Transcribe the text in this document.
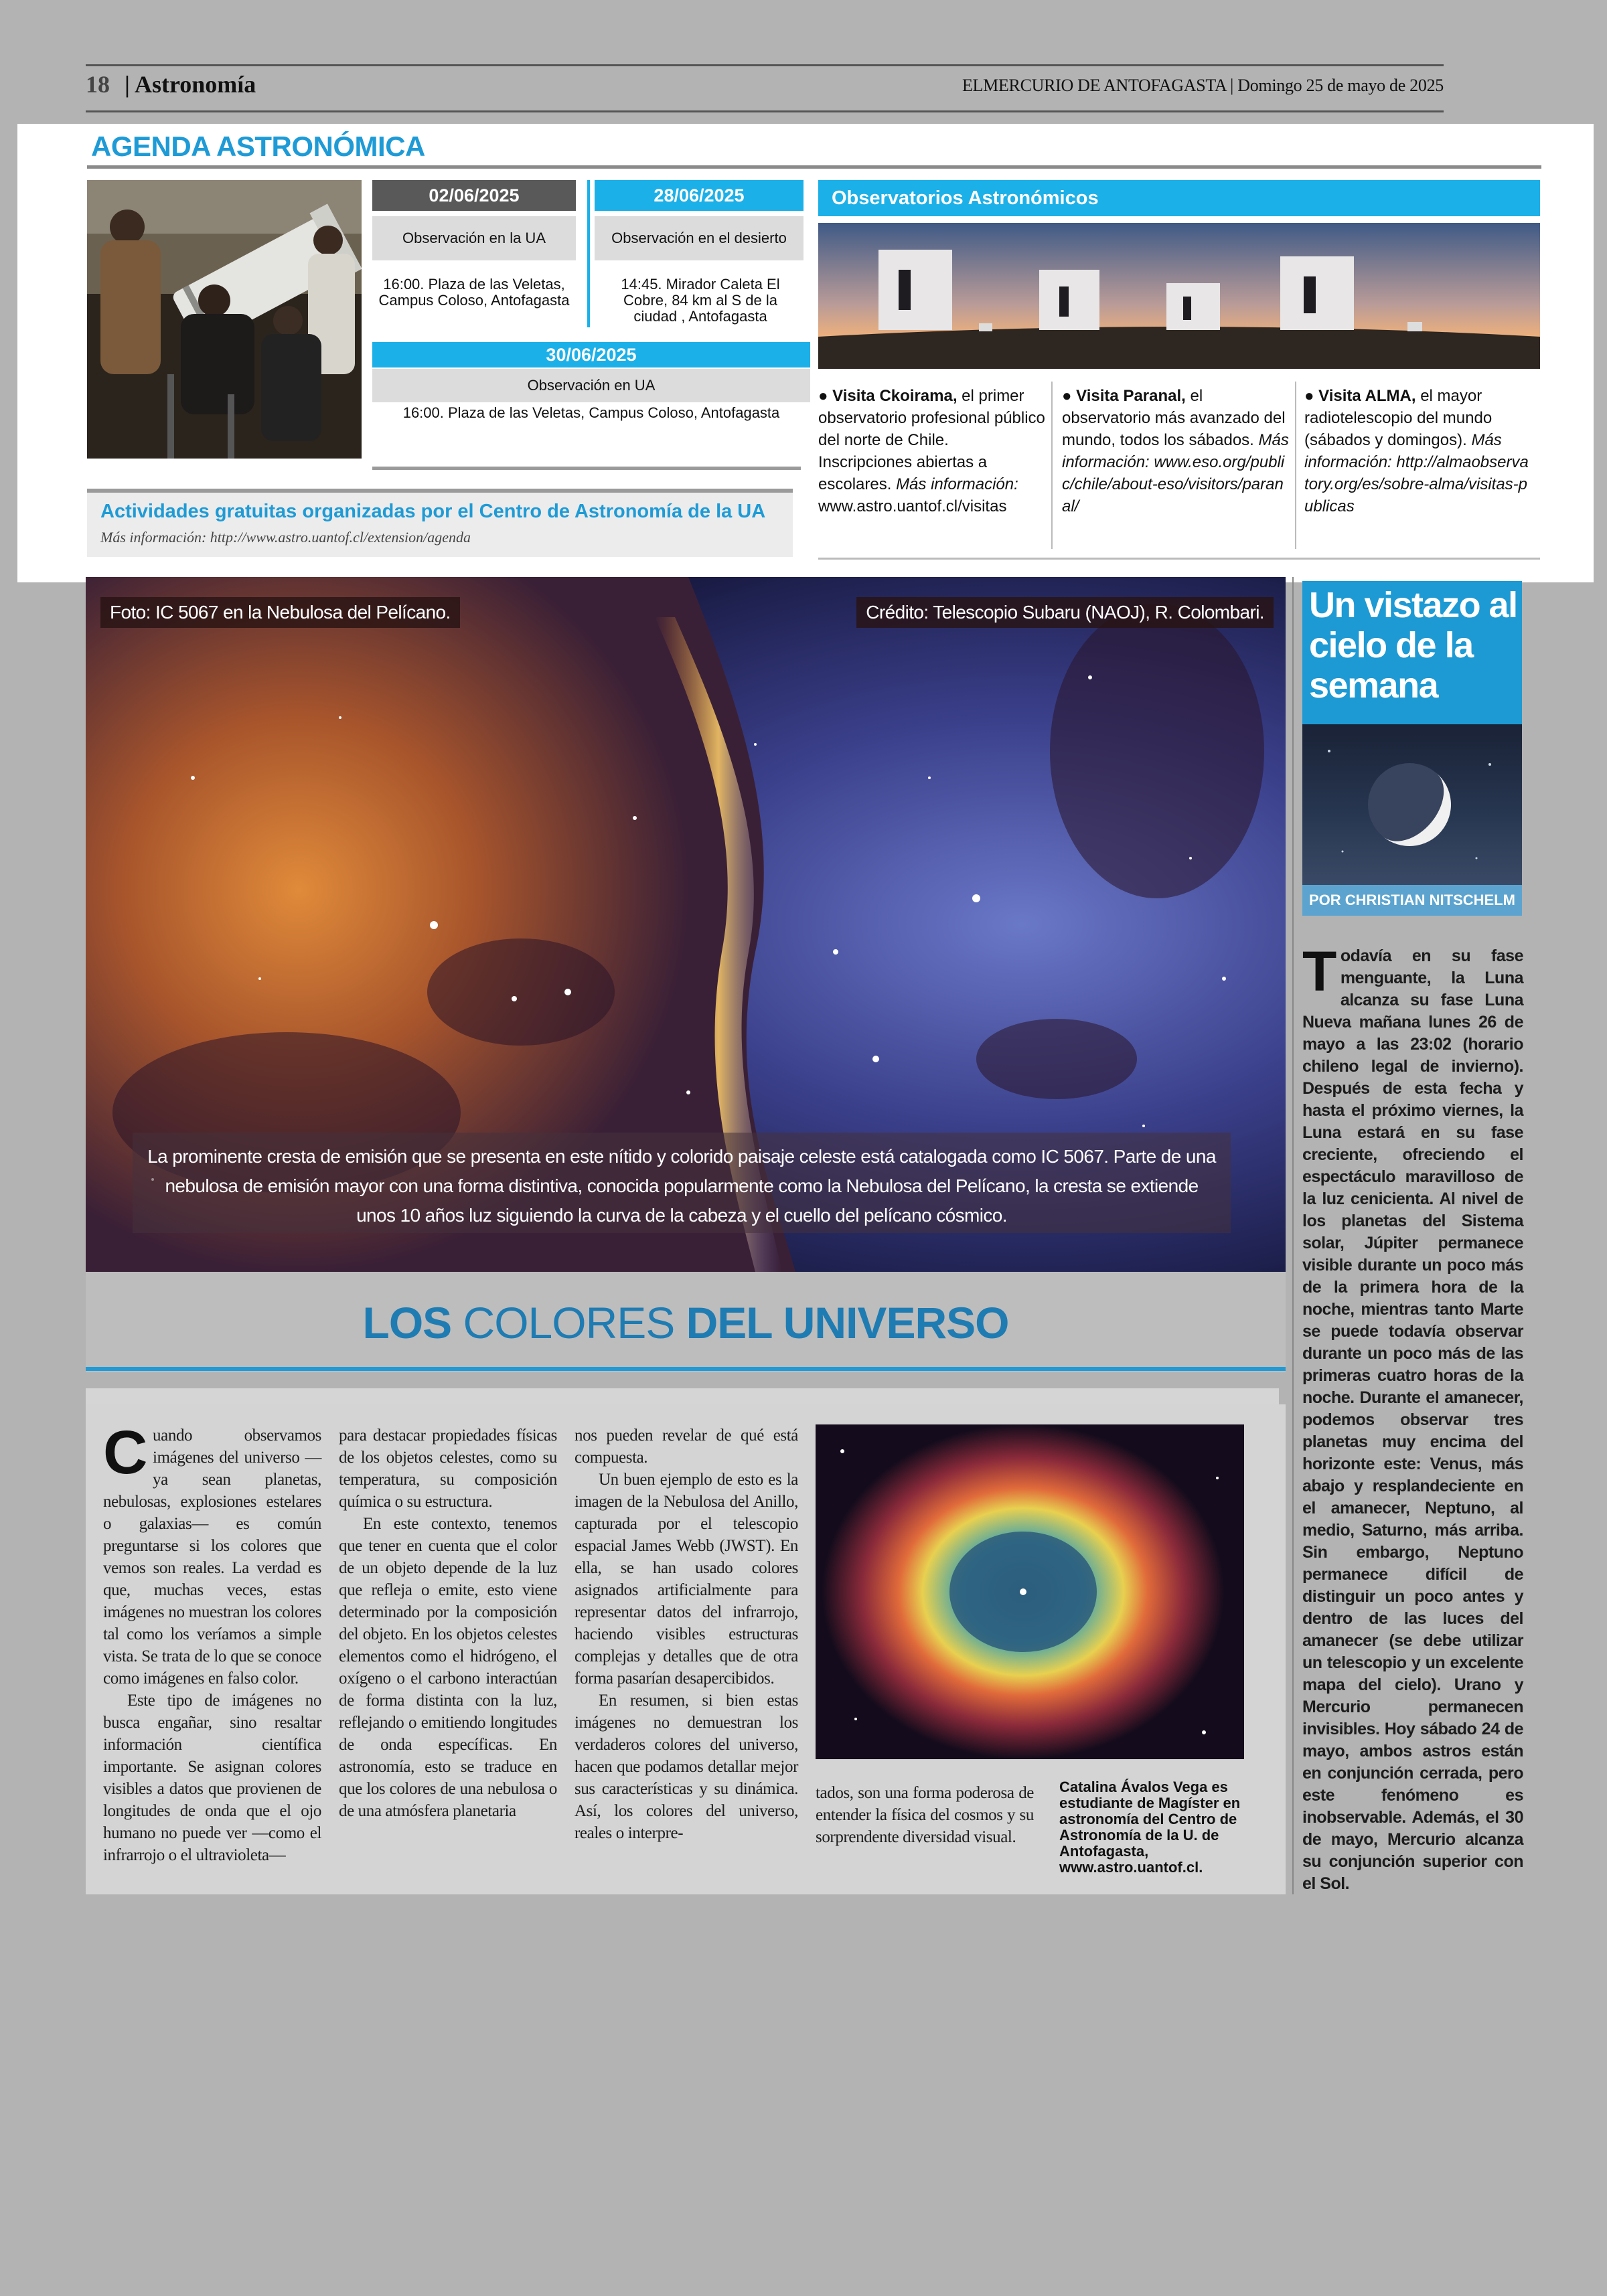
18 | Astronomía	ELMERCURIO DE ANTOFAGASTA | Domingo 25 de mayo de 2025
AGENDA ASTRONÓMICA
02/06/2025
Observación en la UA
16:00. Plaza de las Veletas, Campus Coloso, Antofagasta
28/06/2025
Observación en el desierto
14:45. Mirador Caleta El Cobre, 84 km al S de la ciudad , Antofagasta
30/06/2025
Observación en UA
16:00. Plaza de las Veletas, Campus Coloso, Antofagasta
Actividades gratuitas organizadas por el Centro de Astronomía de la UA
Más información: http://www.astro.uantof.cl/extension/agenda
Observatorios Astronómicos
● Visita Ckoirama, el primer observatorio profesional público del norte de Chile. Inscripciones abiertas a escolares. Más información: www.astro.uantof.cl/visitas
● Visita Paranal, el observatorio más avanzado del mundo, todos los sábados. Más información: www.eso.org/public/chile/about-eso/visitors/paranal/
● Visita ALMA, el mayor radiotelescopio del mundo (sábados y domingos). Más información: http://almaobservatory.org/es/sobre-alma/visitas-publicas
Foto: IC 5067 en la Nebulosa del Pelícano.	Crédito: Telescopio Subaru (NAOJ), R. Colombari.
La prominente cresta de emisión que se presenta en este nítido y colorido paisaje celeste está catalogada como IC 5067. Parte de una nebulosa de emisión mayor con una forma distintiva, conocida popularmente como la Nebulosa del Pelícano, la cresta se extiende unos 10 años luz siguiendo la curva de la cabeza y el cuello del pelícano cósmico.
LOS COLORES DEL UNIVERSO

Cuando observamos imágenes del universo —ya sean planetas, nebulosas, explosiones estelares o galaxias— es común preguntarse si los colores que vemos son reales. La verdad es que, muchas veces, estas imágenes no muestran los colores tal como los veríamos a simple vista. Se trata de lo que se conoce como imágenes en falso color.

Este tipo de imágenes no busca engañar, sino resaltar información científica importante. Se asignan colores visibles a datos que provienen de longitudes de onda que el ojo humano no puede ver —como el infrarrojo o el ultravioleta—

para destacar propiedades físicas de los objetos celestes, como su temperatura, su composición química o su estructura.

En este contexto, tenemos que tener en cuenta que el color de un objeto depende de la luz que refleja o emite, esto viene determinado por la composición del objeto. En los objetos celestes elementos como el hidrógeno, el oxígeno o el carbono interactúan de forma distinta con la luz, reflejando o emitiendo longitudes de onda específicas. En astronomía, esto se traduce en que los colores de una nebulosa o de una atmósfera planetaria

nos pueden revelar de qué está compuesta.

Un buen ejemplo de esto es la imagen de la Nebulosa del Anillo, capturada por el telescopio espacial James Webb (JWST). En ella, se han usado colores asignados artificialmente para representar datos del infrarrojo, haciendo visibles estructuras complejas y detalles que de otra forma pasarían desapercibidos.

En resumen, si bien estas imágenes no demuestran los verdaderos colores del universo, hacen que podamos detallar mejor sus características y su dinámica. Así, los colores del universo, reales o interpre-

tados, son una forma poderosa de entender la física del cosmos y su sorprendente diversidad visual.

Catalina Ávalos Vega es estudiante de Magíster en astronomía del Centro de Astronomía de la U. de Antofagasta, www.astro.uantof.cl.
Un vistazo al cielo de la semana
POR CHRISTIAN NITSCHELM
Todavía en su fase menguante, la Luna alcanza su fase Luna Nueva mañana lunes 26 de mayo a las 23:02 (horario chileno legal de invierno). Después de esta fecha y hasta el próximo viernes, la Luna estará en su fase creciente, ofreciendo el espectáculo maravilloso de la luz cenicienta. Al nivel de los planetas del Sistema solar, Júpiter permanece visible durante un poco más de la primera hora de la noche, mientras tanto Marte se puede todavía observar durante un poco más de las primeras cuatro horas de la noche. Durante el amanecer, podemos observar tres planetas muy encima del horizonte este: Venus, más abajo y resplandeciente en el amanecer, Neptuno, al medio, Saturno, más arriba. Sin embargo, Neptuno permanece difícil de distinguir un poco antes y dentro de las luces del amanecer (se debe utilizar un telescopio y un excelente mapa del cielo). Urano y Mercurio permanecen invisibles. Hoy sábado 24 de mayo, ambos astros están en conjunción cerrada, pero este fenómeno es inobservable. Además, el 30 de mayo, Mercurio alcanza su conjunción superior con el Sol.
